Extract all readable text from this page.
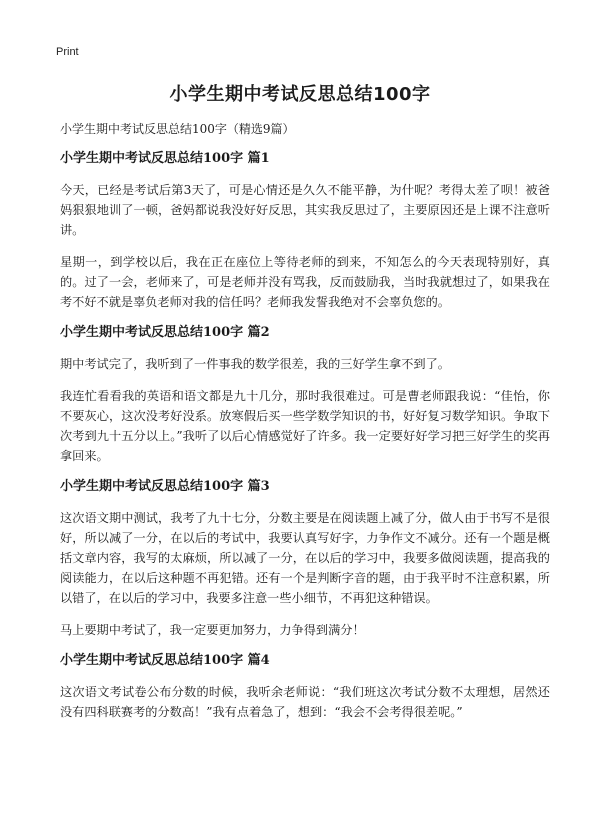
Print
小学生期中考试反思总结100字
小学生期中考试反思总结100字（精选9篇）
小学生期中考试反思总结100字 篇1

今天，已经是考试后第3天了，可是心情还是久久不能平静，为什呢？考得太差了呗！被爸妈狠狠地训了一顿，爸妈都说我没好好反思，其实我反思过了，主要原因还是上课不注意听讲。

星期一，到学校以后，我在正在座位上等待老师的到来，不知怎么的今天表现特别好，真的。过了一会，老师来了，可是老师并没有骂我，反而鼓励我，当时我就想过了，如果我在考不好不就是辜负老师对我的信任吗？老师我发誓我绝对不会辜负您的。

小学生期中考试反思总结100字 篇2

期中考试完了，我听到了一件事我的数学很差，我的三好学生拿不到了。

我连忙看看我的英语和语文都是九十几分，那时我很难过。可是曹老师跟我说：“佳怡，你不要灰心，这次没考好没系。放寒假后买一些学数学知识的书，好好复习数学知识。争取下次考到九十五分以上。”我听了以后心情感觉好了许多。我一定要好好学习把三好学生的奖再拿回来。

小学生期中考试反思总结100字 篇3

这次语文期中测试，我考了九十七分，分数主要是在阅读题上减了分，做人由于书写不是很好，所以减了一分，在以后的考试中，我要认真写好字，力争作文不减分。还有一个题是概括文章内容，我写的太麻烦，所以减了一分，在以后的学习中，我要多做阅读题，提高我的阅读能力，在以后这种题不再犯错。还有一个是判断字音的题，由于我平时不注意积累，所以错了，在以后的学习中，我要多注意一些小细节，不再犯这种错误。

马上要期中考试了，我一定要更加努力，力争得到满分！

小学生期中考试反思总结100字 篇4

这次语文考试卷公布分数的时候，我听余老师说：“我们班这次考试分数不太理想，居然还没有四科联赛考的分数高！”我有点着急了，想到：“我会不会考得很差呢。”
